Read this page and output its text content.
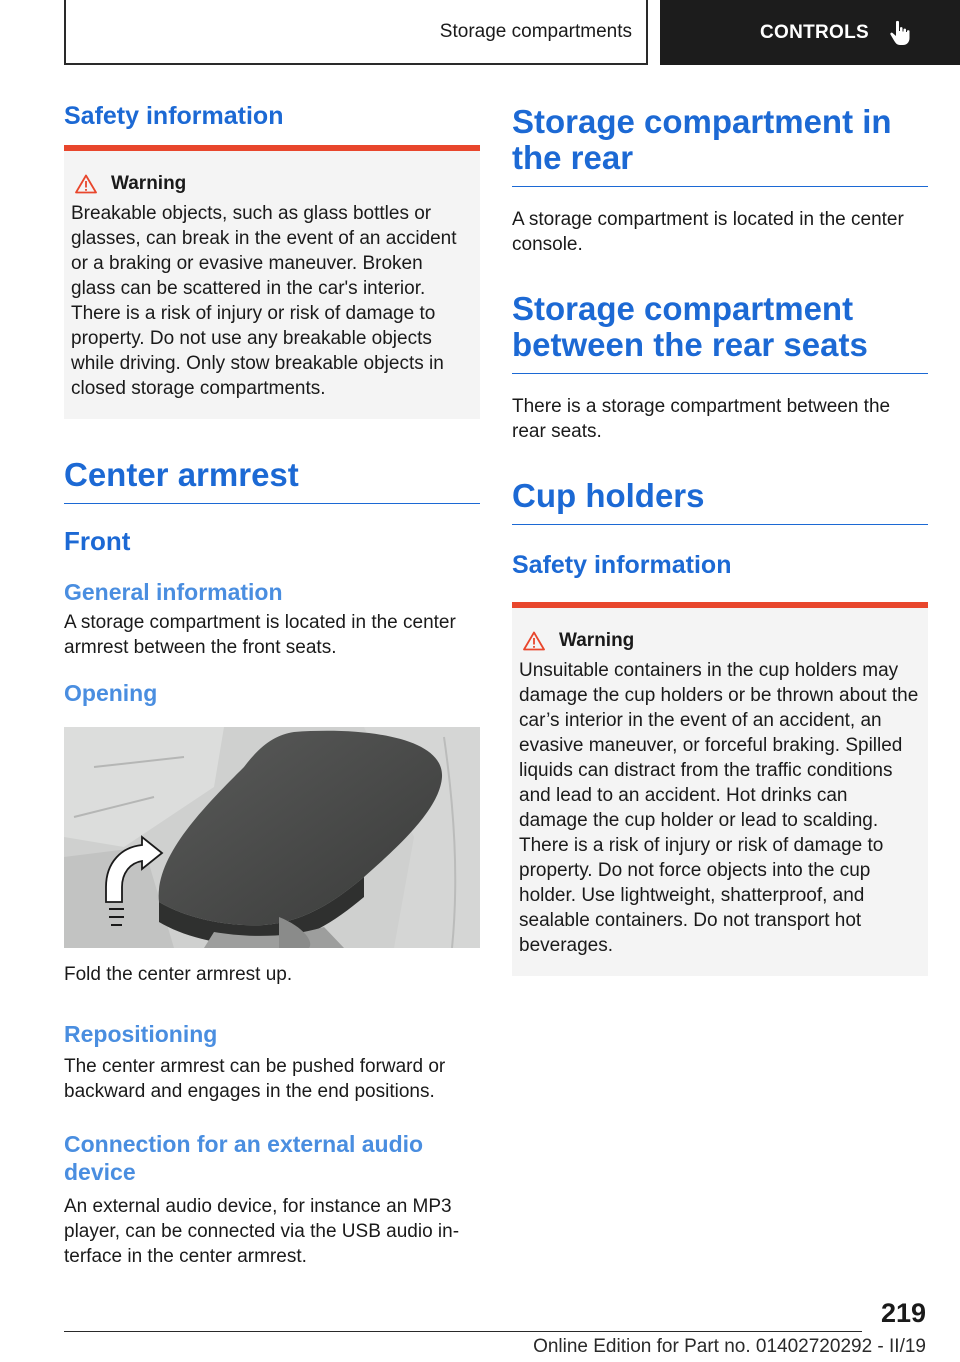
Storage compartments	CONTROLS
Safety information
Warning

Breakable objects, such as glass bottles or glasses, can break in the event of an accident or a braking or evasive maneuver. Broken glass can be scattered in the car's interior. There is a risk of injury or risk of damage to property. Do not use any breakable objects while driving. Only stow breakable objects in closed storage compartments.

Center armrest
Front
General information

A storage compartment is located in the center armrest between the front seats.

Opening

Fold the center armrest up.

Repositioning

The center armrest can be pushed forward or backward and engages in the end positions.

Connection for an external audio device

An external audio device, for instance an MP3 player, can be connected via the USB audio interface in the center armrest.

Storage compartment in the rear

A storage compartment is located in the center console.

Storage compartment between the rear seats

There is a storage compartment between the rear seats.

Cup holders
Safety information
Warning

Unsuitable containers in the cup holders may damage the cup holders or be thrown about the car’s interior in the event of an accident, an evasive maneuver, or forceful braking. Spilled liquids can distract from the traffic conditions and lead to an accident. Hot drinks can damage the cup holder or lead to scalding. There is a risk of injury or risk of damage to property. Do not force objects into the cup holder. Use lightweight, shatterproof, and sealable containers. Do not transport hot beverages.

219
Online Edition for Part no. 01402720292 - II/19
